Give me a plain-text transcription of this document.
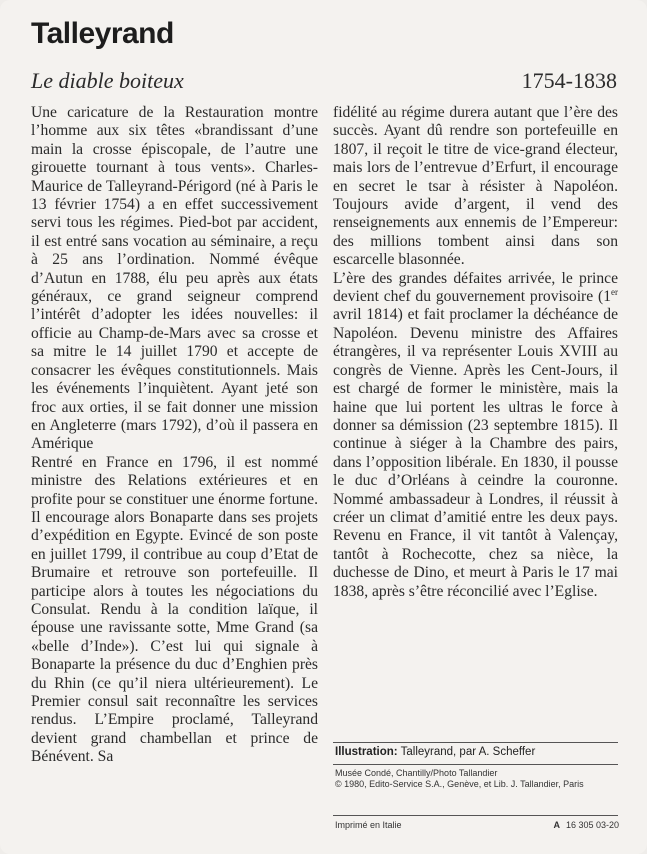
Talleyrand
Le diable boiteux	1754-1838

Une caricature de la Restauration montre l’homme aux six têtes «brandissant d’une main la crosse épiscopale, de l’autre une girouette tournant à tous vents». Charles-Maurice de Talleyrand-Périgord (né à Paris le 13 février 1754) a en effet successivement servi tous les régimes. Pied-bot par accident, il est entré sans vocation au séminaire, a reçu à 25 ans l’ordination. Nommé évêque d’Autun en 1788, élu peu après aux états généraux, ce grand seigneur comprend l’intérêt d’adopter les idées nouvelles: il officie au Champ-de-Mars avec sa crosse et sa mitre le 14 juillet 1790 et accepte de consacrer les évêques constitutionnels. Mais les événements l’inquiètent. Ayant jeté son froc aux orties, il se fait donner une mission en Angleterre (mars 1792), d’où il passera en Amérique

Rentré en France en 1796, il est nommé ministre des Relations extérieures et en profite pour se constituer une énorme fortune. Il encourage alors Bonaparte dans ses projets d’expédition en Egypte. Evincé de son poste en juillet 1799, il contribue au coup d’Etat de Brumaire et retrouve son portefeuille. Il participe alors à toutes les négociations du Consulat. Rendu à la condition laïque, il épouse une ravissante sotte, Mme Grand (sa «belle d’Inde»). C’est lui qui signale à Bonaparte la présence du duc d’Enghien près du Rhin (ce qu’il niera ultérieurement). Le Premier consul sait reconnaître les services rendus. L’Empire proclamé, Talleyrand devient grand chambellan et prince de Bénévent. Sa

fidélité au régime durera autant que l’ère des succès. Ayant dû rendre son portefeuille en 1807, il reçoit le titre de vice-grand électeur, mais lors de l’entrevue d’Erfurt, il encourage en secret le tsar à résister à Napoléon. Toujours avide d’argent, il vend des renseignements aux ennemis de l’Empereur: des millions tombent ainsi dans son escarcelle blasonnée.

L’ère des grandes défaites arrivée, le prince devient chef du gouvernement provisoire (1er avril 1814) et fait proclamer la déchéance de Napoléon. Devenu ministre des Affaires étrangères, il va représenter Louis XVIII au congrès de Vienne. Après les Cent-Jours, il est chargé de former le ministère, mais la haine que lui portent les ultras le force à donner sa démission (23 septembre 1815). Il continue à siéger à la Chambre des pairs, dans l’opposition libérale. En 1830, il pousse le duc d’Orléans à ceindre la couronne. Nommé ambassadeur à Londres, il réussit à créer un climat d’amitié entre les deux pays. Revenu en France, il vit tantôt à Valençay, tantôt à Rochecotte, chez sa nièce, la duchesse de Dino, et meurt à Paris le 17 mai 1838, après s’être réconcilié avec l’Eglise.

Illustration: Talleyrand, par A. Scheffer
Musée Condé, Chantilly/Photo Tallandier
© 1980, Edito-Service S.A., Genève, et Lib. J. Tallandier, Paris
Imprimé en Italie	A 16 305 03-20
